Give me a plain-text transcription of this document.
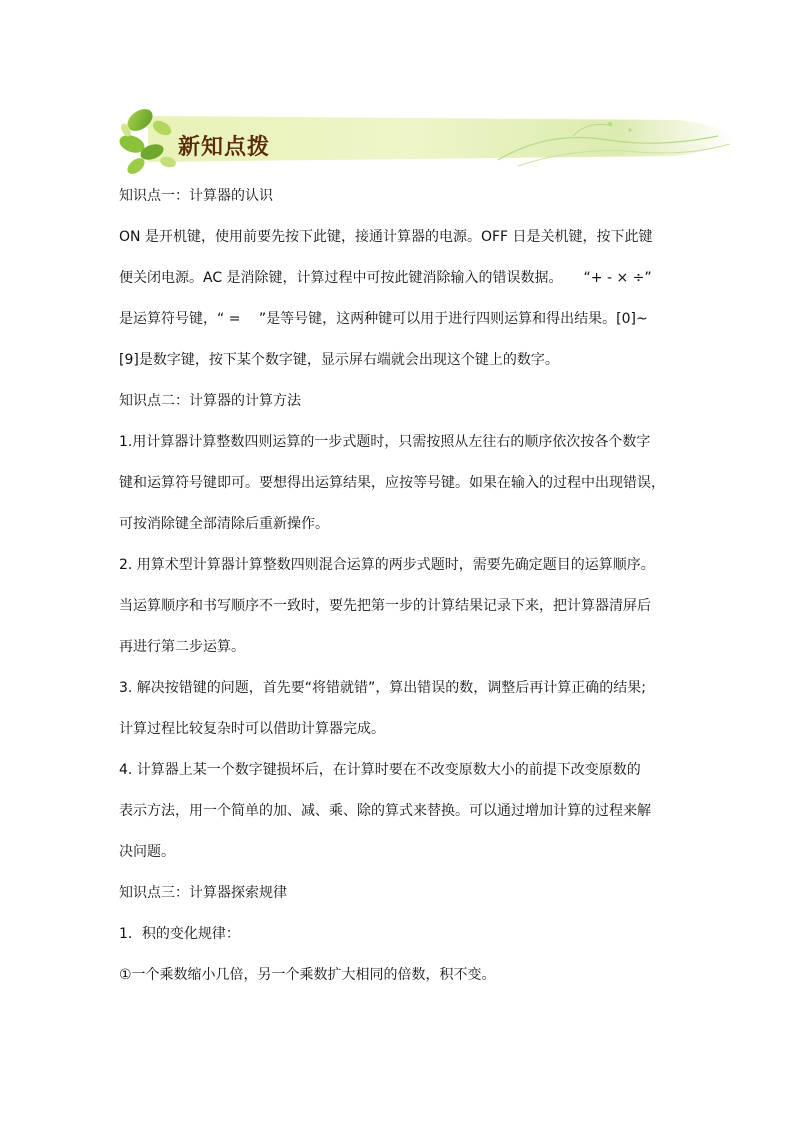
新知点拨
知识点一：计算器的认识
ON 是开机键，使用前要先按下此键，接通计算器的电源。OFF 日是关机键，按下此键
便关闭电源。AC 是消除键，计算过程中可按此键消除输入的错误数据。　　“+ - × ÷”
是运算符号键，“ =　 ”是等号键，这两种键可以用于进行四则运算和得出结果。[0]~
[9]是数字键，按下某个数字键，显示屏右端就会出现这个键上的数字。
知识点二：计算器的计算方法
1.用计算器计算整数四则运算的一步式题时，只需按照从左往右的顺序依次按各个数字
键和运算符号键即可。要想得出运算结果，应按等号键。如果在输入的过程中出现错误，
可按消除键全部清除后重新操作。
2. 用算术型计算器计算整数四则混合运算的两步式题时，需要先确定题目的运算顺序。
当运算顺序和书写顺序不一致时，要先把第一步的计算结果记录下来，把计算器清屏后
再进行第二步运算。
3. 解决按错键的问题，首先要“将错就错”，算出错误的数，调整后再计算正确的结果;
计算过程比较复杂时可以借助计算器完成。
4. 计算器上某一个数字键损坏后，在计算时要在不改变原数大小的前提下改变原数的
表示方法，用一个简单的加、减、乘、除的算式来替换。可以通过增加计算的过程来解
决问题。
知识点三：计算器探索规律
1．积的变化规律：
①一个乘数缩小几倍，另一个乘数扩大相同的倍数，积不变。
